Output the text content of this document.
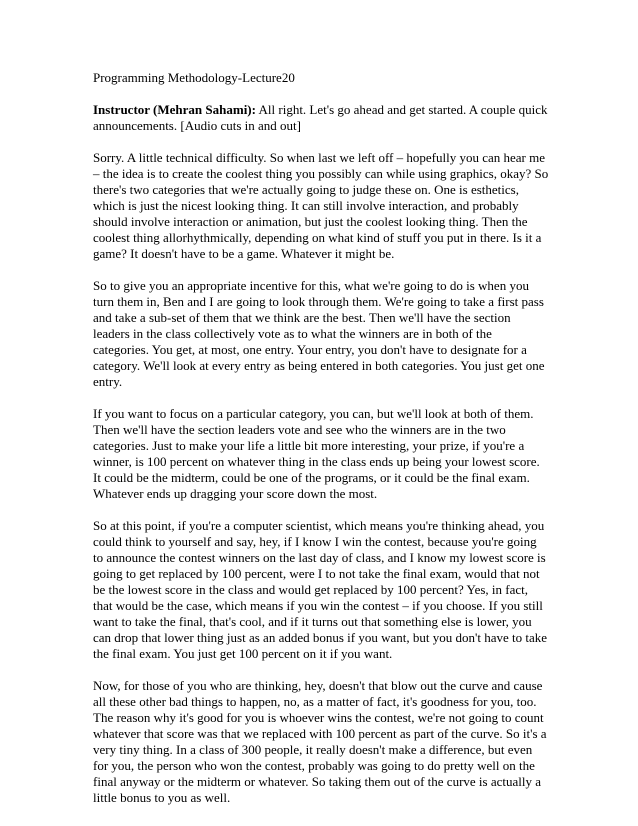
Programming Methodology-Lecture20

Instructor (Mehran Sahami): All right. Let's go ahead and get started. A couple quick announcements. [Audio cuts in and out]

Sorry. A little technical difficulty. So when last we left off – hopefully you can hear me – the idea is to create the coolest thing you possibly can while using graphics, okay? So there's two categories that we're actually going to judge these on. One is esthetics, which is just the nicest looking thing. It can still involve interaction, and probably should involve interaction or animation, but just the coolest looking thing. Then the coolest thing allorhythmically, depending on what kind of stuff you put in there. Is it a game? It doesn't have to be a game. Whatever it might be.

So to give you an appropriate incentive for this, what we're going to do is when you turn them in, Ben and I are going to look through them. We're going to take a first pass and take a sub-set of them that we think are the best. Then we'll have the section leaders in the class collectively vote as to what the winners are in both of the categories. You get, at most, one entry. Your entry, you don't have to designate for a category. We'll look at every entry as being entered in both categories. You just get one entry.

If you want to focus on a particular category, you can, but we'll look at both of them. Then we'll have the section leaders vote and see who the winners are in the two categories. Just to make your life a little bit more interesting, your prize, if you're a winner, is 100 percent on whatever thing in the class ends up being your lowest score. It could be the midterm, could be one of the programs, or it could be the final exam. Whatever ends up dragging your score down the most.

So at this point, if you're a computer scientist, which means you're thinking ahead, you could think to yourself and say, hey, if I know I win the contest, because you're going to announce the contest winners on the last day of class, and I know my lowest score is going to get replaced by 100 percent, were I to not take the final exam, would that not be the lowest score in the class and would get replaced by 100 percent? Yes, in fact, that would be the case, which means if you win the contest – if you choose. If you still want to take the final, that's cool, and if it turns out that something else is lower, you can drop that lower thing just as an added bonus if you want, but you don't have to take the final exam. You just get 100 percent on it if you want.

Now, for those of you who are thinking, hey, doesn't that blow out the curve and cause all these other bad things to happen, no, as a matter of fact, it's goodness for you, too. The reason why it's good for you is whoever wins the contest, we're not going to count whatever that score was that we replaced with 100 percent as part of the curve. So it's a very tiny thing. In a class of 300 people, it really doesn't make a difference, but even for you, the person who won the contest, probably was going to do pretty well on the final anyway or the midterm or whatever. So taking them out of the curve is actually a little bonus to you as well.
